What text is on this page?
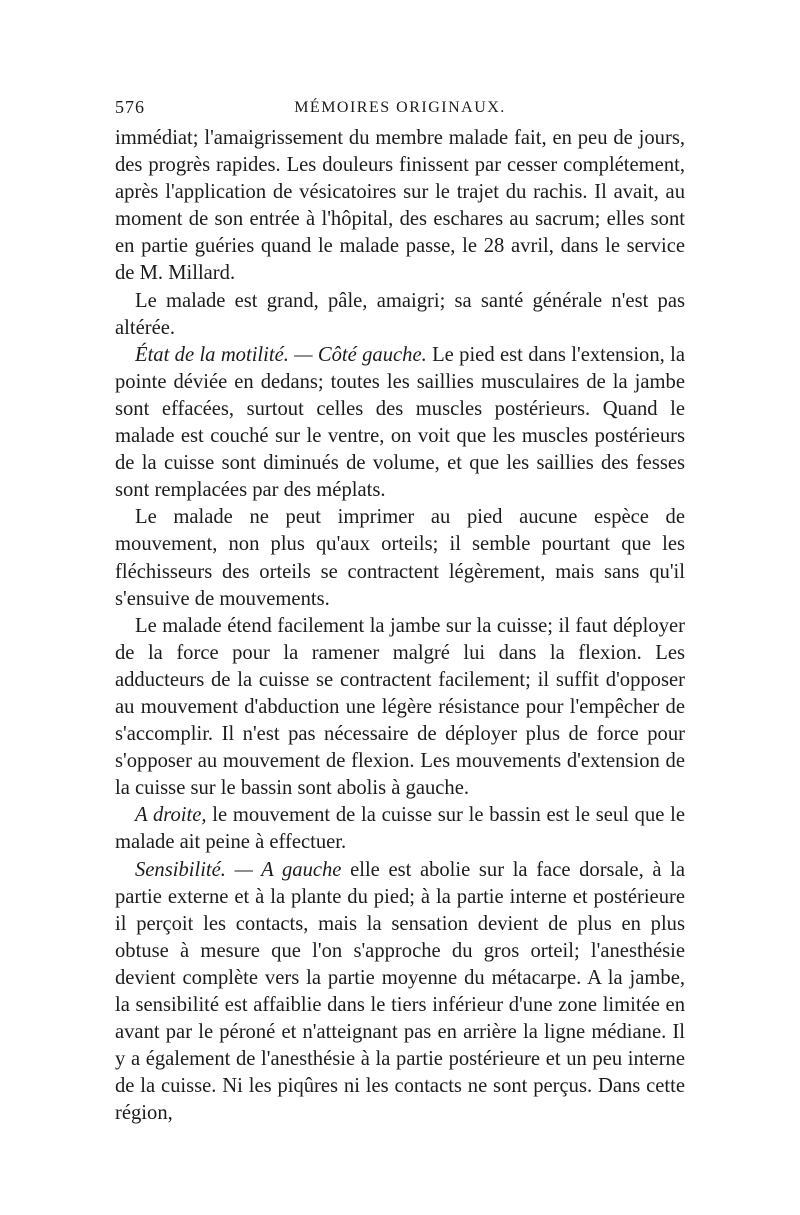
576	MÉMOIRES ORIGINAUX.

immédiat; l'amaigrissement du membre malade fait, en peu de jours, des progrès rapides. Les douleurs finissent par cesser complétement, après l'application de vésicatoires sur le trajet du rachis. Il avait, au moment de son entrée à l'hôpital, des eschares au sacrum; elles sont en partie guéries quand le malade passe, le 28 avril, dans le service de M. Millard.

Le malade est grand, pâle, amaigri; sa santé générale n'est pas altérée.

État de la motilité. — Côté gauche. Le pied est dans l'extension, la pointe déviée en dedans; toutes les saillies musculaires de la jambe sont effacées, surtout celles des muscles postérieurs. Quand le malade est couché sur le ventre, on voit que les muscles postérieurs de la cuisse sont diminués de volume, et que les saillies des fesses sont remplacées par des méplats.

Le malade ne peut imprimer au pied aucune espèce de mouvement, non plus qu'aux orteils; il semble pourtant que les fléchisseurs des orteils se contractent légèrement, mais sans qu'il s'ensuive de mouvements.

Le malade étend facilement la jambe sur la cuisse; il faut déployer de la force pour la ramener malgré lui dans la flexion. Les adducteurs de la cuisse se contractent facilement; il suffit d'opposer au mouvement d'abduction une légère résistance pour l'empêcher de s'accomplir. Il n'est pas nécessaire de déployer plus de force pour s'opposer au mouvement de flexion. Les mouvements d'extension de la cuisse sur le bassin sont abolis à gauche.

A droite, le mouvement de la cuisse sur le bassin est le seul que le malade ait peine à effectuer.

Sensibilité. — A gauche elle est abolie sur la face dorsale, à la partie externe et à la plante du pied; à la partie interne et postérieure il perçoit les contacts, mais la sensation devient de plus en plus obtuse à mesure que l'on s'approche du gros orteil; l'anesthésie devient complète vers la partie moyenne du métacarpe. A la jambe, la sensibilité est affaiblie dans le tiers inférieur d'une zone limitée en avant par le péroné et n'atteignant pas en arrière la ligne médiane. Il y a également de l'anesthésie à la partie postérieure et un peu interne de la cuisse. Ni les piqûres ni les contacts ne sont perçus. Dans cette région,
